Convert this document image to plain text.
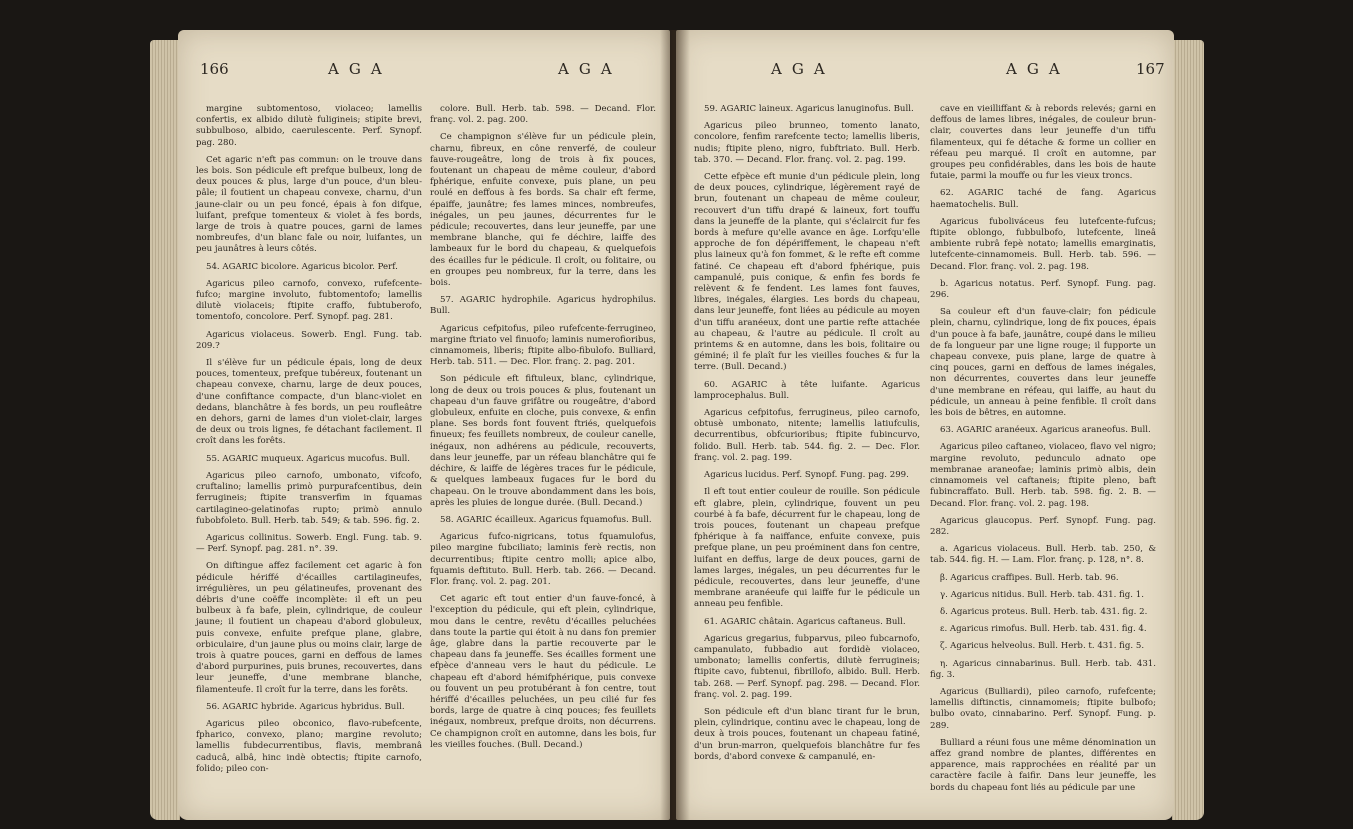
166	AGA	AGA

margine subtomentoso, violaceo; lamellis confertis, ex albido dilutè fuligineis; stipite brevi, subbulboso, albido, caerulescente. Perf. Synopf. pag. 280.

Cet agaric n'eft pas commun: on le trouve dans les bois. Son pédicule eft prefque bulbeux, long de deux pouces & plus, large d'un pouce, d'un bleu-pâle; il foutient un chapeau convexe, charnu, d'un jaune-clair ou un peu foncé, épais à fon difque, luifant, prefque tomenteux & violet à fes bords, large de trois à quatre pouces, garni de lames nombreufes, d'un blanc fale ou noir, luifantes, un peu jaunâtres à leurs côtés.

54. AGARIC bicolore. Agaricus bicolor. Perf.

Agaricus pileo carnofo, convexo, rufefcente-fufco; margine involuto, fubtomentofo; lamellis dilutè violaceis; ftipite craffo, fubtuberofo, tomentofo, concolore. Perf. Synopf. pag. 281.

Agaricus violaceus. Sowerb. Engl. Fung. tab. 209.?

Il s'élève fur un pédicule épais, long de deux pouces, tomenteux, prefque tubéreux, foutenant un chapeau convexe, charnu, large de deux pouces, d'une confiftance compacte, d'un blanc-violet en dedans, blanchâtre à fes bords, un peu roufleâtre en dehors, garni de lames d'un violet-clair, larges de deux ou trois lignes, fe détachant facilement. Il croît dans les forêts.

55. AGARIC muqueux. Agaricus mucofus. Bull.

Agaricus pileo carnofo, umbonato, vifcofo, cruftalino; lamellis primò purpurafcentibus, dein ferrugineis; ftipite transverfim in fquamas cartilagineo-gelatinofas rupto; primò annulo fubobfoleto. Bull. Herb. tab. 549; & tab. 596. fig. 2.

Agaricus collinitus. Sowerb. Engl. Fung. tab. 9. — Perf. Synopf. pag. 281. n°. 39.

On diftingue affez facilement cet agaric à fon pédicule hériffé d'écailles cartilagineufes, irrégulières, un peu gélatineufes, provenant des débris d'une coëffe incomplète: il eft un peu bulbeux à fa bafe, plein, cylindrique, de couleur jaune; il foutient un chapeau d'abord globuleux, puis convexe, enfuite prefque plane, glabre, orbiculaire, d'un jaune plus ou moins clair, large de trois à quatre pouces, garni en deffous de lames d'abord purpurines, puis brunes, recouvertes, dans leur jeuneffe, d'une membrane blanche, filamenteufe. Il croît fur la terre, dans les forêts.

56. AGARIC hybride. Agaricus hybridus. Bull.

Agaricus pileo obconico, flavo-rubefcente, fpharico, convexo, plano; margine revoluto; lamellis fubdecurrentibus, flavis, membranâ caducâ, albâ, hinc indè obtectis; ftipite carnofo, folido; pileo con-

colore. Bull. Herb. tab. 598. — Decand. Flor. franç. vol. 2. pag. 200.

Ce champignon s'élève fur un pédicule plein, charnu, fibreux, en cône renverfé, de couleur fauve-rougeâtre, long de trois à fix pouces, foutenant un chapeau de même couleur, d'abord fphérique, enfuite convexe, puis plane, un peu roulé en deffous à fes bords. Sa chair eft ferme, épaiffe, jaunâtre; fes lames minces, nombreufes, inégales, un peu jaunes, décurrentes fur le pédicule; recouvertes, dans leur jeuneffe, par une membrane blanche, qui fe déchire, laiffe des lambeaux fur le bord du chapeau, & quelquefois des écailles fur le pédicule. Il croît, ou folitaire, ou en groupes peu nombreux, fur la terre, dans les bois.

57. AGARIC hydrophile. Agaricus hydrophilus. Bull.

Agaricus cefpitofus, pileo rufefcente-ferrugineo, margine ftriato vel finuofo; laminis numerofioribus, cinnamomeis, liberis; ftipite albo-fibulofo. Bulliard, Herb. tab. 511. — Dec. Flor. franç. 2. pag. 201.

Son pédicule eft fiftuleux, blanc, cylindrique, long de deux ou trois pouces & plus, foutenant un chapeau d'un fauve grifâtre ou rougeâtre, d'abord globuleux, enfuite en cloche, puis convexe, & enfin plane. Ses bords font fouvent ftriés, quelquefois finueux; fes feuillets nombreux, de couleur canelle, inégaux, non adhérens au pédicule, recouverts, dans leur jeuneffe, par un réfeau blanchâtre qui fe déchire, & laiffe de légères traces fur le pédicule, & quelques lambeaux fugaces fur le bord du chapeau. On le trouve abondamment dans les bois, après les pluies de longue durée. (Bull. Decand.)

58. AGARIC écailleux. Agaricus fquamofus. Bull.

Agaricus fufco-nigricans, totus fquamulofus, pileo margine fubciliato; laminis ferè rectis, non decurrentibus; ftipite centro molli; apice albo, fquamis deftituto. Bull. Herb. tab. 266. — Decand. Flor. franç. vol. 2. pag. 201.

Cet agaric eft tout entier d'un fauve-foncé, à l'exception du pédicule, qui eft plein, cylindrique, mou dans le centre, revêtu d'écailles peluchées dans toute la partie qui étoit à nu dans fon premier âge, glabre dans la partie recouverte par le chapeau dans fa jeuneffe. Ses écailles forment une efpèce d'anneau vers le haut du pédicule. Le chapeau eft d'abord hémifphérique, puis convexe ou fouvent un peu protubérant à fon centre, tout hériffé d'écailles peluchées, un peu cilié fur fes bords, large de quatre à cinq pouces; fes feuillets inégaux, nombreux, prefque droits, non décurrens. Ce champignon croît en automne, dans les bois, fur les vieilles fouches. (Bull. Decand.)

AGA	AGA	167

59. AGARIC laineux. Agaricus lanuginofus. Bull.

Agaricus pileo brunneo, tomento lanato, concolore, fenfim rarefcente tecto; lamellis liberis, nudis; ftipite pleno, nigro, fubftriato. Bull. Herb. tab. 370. — Decand. Flor. franç. vol. 2. pag. 199.

Cette efpèce eft munie d'un pédicule plein, long de deux pouces, cylindrique, légèrement rayé de brun, foutenant un chapeau de même couleur, recouvert d'un tiffu drapé & laineux, fort touffu dans la jeuneffe de la plante, qui s'éclaircit fur fes bords à mefure qu'elle avance en âge. Lorfqu'elle approche de fon dépériffement, le chapeau n'eft plus laineux qu'à fon fommet, & le refte eft comme fatiné. Ce chapeau eft d'abord fphérique, puis campanulé, puis conique, & enfin fes bords fe relèvent & fe fendent. Les lames font fauves, libres, inégales, élargies. Les bords du chapeau, dans leur jeuneffe, font liées au pédicule au moyen d'un tiffu aranéeux, dont une partie refte attachée au chapeau, & l'autre au pédicule. Il croît au printems & en automne, dans les bois, folitaire ou géminé; il fe plaît fur les vieilles fouches & fur la terre. (Bull. Decand.)

60. AGARIC à tête luifante. Agaricus lamprocephalus. Bull.

Agaricus cefpitofus, ferrugineus, pileo carnofo, obtusè umbonato, nitente; lamellis latiufculis, decurrentibus, obfcurioribus; ftipite fubincurvo, folido. Bull. Herb. tab. 544. fig. 2. — Dec. Flor. franç. vol. 2. pag. 199.

Agaricus lucidus. Perf. Synopf. Fung. pag. 299.

Il eft tout entier couleur de rouille. Son pédicule eft glabre, plein, cylindrique, fouvent un peu courbé à fa bafe, décurrent fur le chapeau, long de trois pouces, foutenant un chapeau prefque fphérique à fa naiffance, enfuite convexe, puis prefque plane, un peu proéminent dans fon centre, luifant en deffus, large de deux pouces, garni de lames larges, inégales, un peu décurrentes fur le pédicule, recouvertes, dans leur jeuneffe, d'une membrane aranéeufe qui laiffe fur le pédicule un anneau peu fenfible.

61. AGARIC châtain. Agaricus caftaneus. Bull.

Agaricus gregarius, fubparvus, pileo fubcarnofo, campanulato, fubbadio aut fordidè violaceo, umbonato; lamellis confertis, dilutè ferrugineis; ftipite cavo, fubtenui, fibrillofo, albido. Bull. Herb. tab. 268. — Perf. Synopf. pag. 298. — Decand. Flor. franç. vol. 2. pag. 199.

Son pédicule eft d'un blanc tirant fur le brun, plein, cylindrique, continu avec le chapeau, long de deux à trois pouces, foutenant un chapeau fatiné, d'un brun-marron, quelquefois blanchâtre fur fes bords, d'abord convexe & campanulé, en-

cave en vieilliffant & à rebords relevés; garni en deffous de lames libres, inégales, de couleur brun-clair, couvertes dans leur jeuneffe d'un tiffu filamenteux, qui fe détache & forme un collier en réfeau peu marqué. Il croît en automne, par groupes peu confidérables, dans les bois de haute futaie, parmi la mouffe ou fur les vieux troncs.

62. AGARIC taché de fang. Agaricus haematochelis. Bull.

Agaricus fuboliváceus feu lutefcente-fufcus; ftipite oblongo, fubbulbofo, lutefcente, lineâ ambiente rubrâ fepè notato; lamellis emarginatis, lutefcente-cinnamomeis. Bull. Herb. tab. 596. — Decand. Flor. franç. vol. 2. pag. 198.

b. Agaricus notatus. Perf. Synopf. Fung. pag. 296.

Sa couleur eft d'un fauve-clair; fon pédicule plein, charnu, cylindrique, long de fix pouces, épais d'un pouce à fa bafe, jaunâtre, coupé dans le milieu de fa longueur par une ligne rouge; il fupporte un chapeau convexe, puis plane, large de quatre à cinq pouces, garni en deffous de lames inégales, non décurrentes, couvertes dans leur jeuneffe d'une membrane en réfeau, qui laiffe, au haut du pédicule, un anneau à peine fenfible. Il croît dans les bois de bêtres, en automne.

63. AGARIC aranéeux. Agaricus araneofus. Bull.

Agaricus pileo caftaneo, violaceo, flavo vel nigro; margine revoluto, pedunculo adnato ope membranae araneofae; laminis primò albis, dein cinnamomeis vel caftaneis; ftipite pleno, baft fubincraffato. Bull. Herb. tab. 598. fig. 2. B. — Decand. Flor. franç. vol. 2. pag. 198.

Agaricus glaucopus. Perf. Synopf. Fung. pag. 282.

a. Agaricus violaceus. Bull. Herb. tab. 250, & tab. 544. fig. H. — Lam. Flor. franç. p. 128, n°. 8.

β. Agaricus craffipes. Bull. Herb. tab. 96.

γ. Agaricus nitidus. Bull. Herb. tab. 431. fig. 1.

δ. Agaricus proteus. Bull. Herb. tab. 431. fig. 2.

ε. Agaricus rimofus. Bull. Herb. tab. 431. fig. 4.

ζ. Agaricus helveolus. Bull. Herb. t. 431. fig. 5.

η. Agaricus cinnabarinus. Bull. Herb. tab. 431. fig. 3.

Agaricus (Bulliardi), pileo carnofo, rufefcente; lamellis diftinctis, cinnamomeis; ftipite bulbofo; bulbo ovato, cinnabarino. Perf. Synopf. Fung. p. 289.

Bulliard a réuni fous une même dénomination un affez grand nombre de plantes, différentes en apparence, mais rapprochées en réalité par un caractère facile à faifir. Dans leur jeuneffe, les bords du chapeau font liés au pédicule par une
